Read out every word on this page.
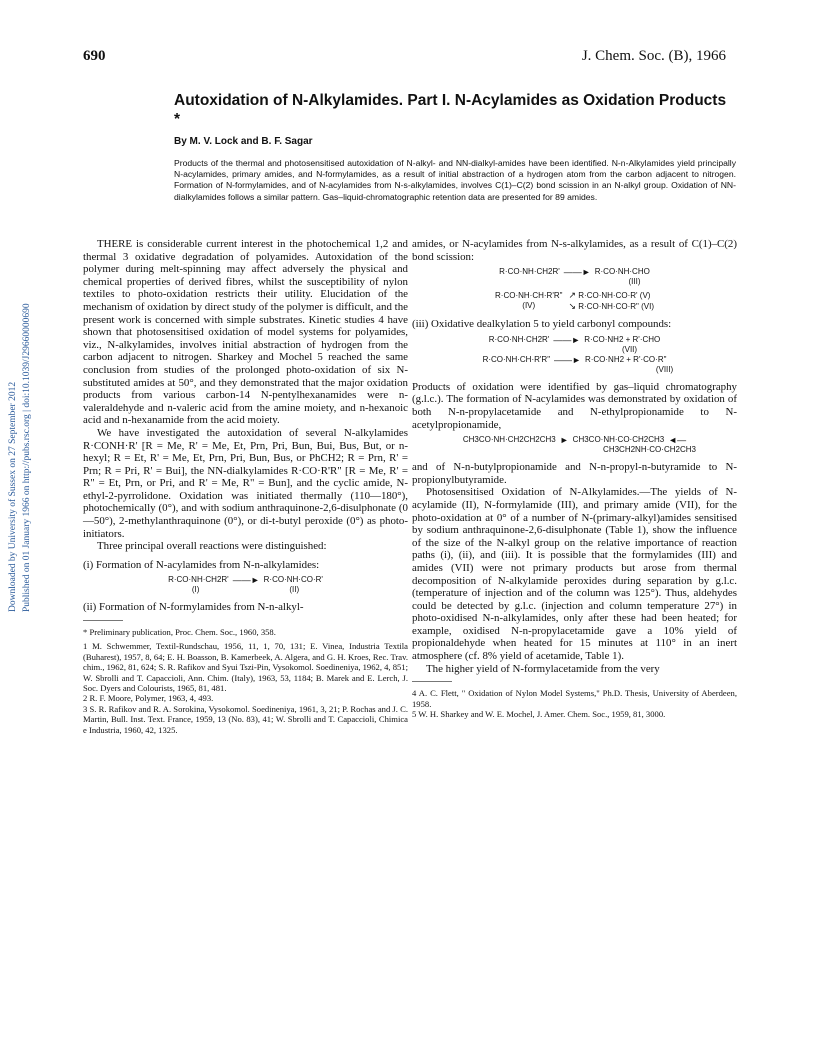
690	J. Chem. Soc. (B), 1966
Downloaded by University of Sussex on 27 September 2012 Published on 01 January 1966 on http://pubs.rsc.org | doi:10.1039/J29660000690
Autoxidation of N-Alkylamides. Part I. N-Acylamides as Oxidation Products *
By M. V. Lock and B. F. Sagar
Products of the thermal and photosensitised autoxidation of N-alkyl- and NN-dialkyl-amides have been identified. N-n-Alkylamides yield principally N-acylamides, primary amides, and N-formylamides, as a result of initial abstraction of a hydrogen atom from the carbon adjacent to nitrogen. Formation of N-formylamides, and of N-acylamides from N-s-alkylamides, involves C(1)–C(2) bond scission in an N-alkyl group. Oxidation of NN-dialkylamides follows a similar pattern. Gas–liquid-chromatographic retention data are presented for 89 amides.

THERE is considerable current interest in the photochemical 1,2 and thermal 3 oxidative degradation of polyamides. Autoxidation of the polymer during melt-spinning may affect adversely the physical and chemical properties of derived fibres, whilst the susceptibility of nylon textiles to photo-oxidation restricts their utility. Elucidation of the mechanism of oxidation by direct study of the polymer is difficult, and the present work is concerned with simple substrates. Kinetic studies 4 have shown that photosensitised oxidation of model systems for polyamides, viz., N-alkylamides, involves initial abstraction of hydrogen from the carbon adjacent to nitrogen. Sharkey and Mochel 5 reached the same conclusion from studies of the prolonged photo-oxidation of six N-substituted amides at 50°, and they demonstrated that the major oxidation products from various carbon-14 N-pentylhexanamides were n-valeraldehyde and n-valeric acid from the amine moiety, and n-hexanoic acid and n-hexanamide from the acid moiety.

We have investigated the autoxidation of several N-alkylamides R·CONH·R' [R = Me, R' = Me, Et, Prn, Pri, Bun, Bui, Bus, But, or n-hexyl; R = Et, R' = Me, Et, Prn, Pri, Bun, Bus, or PhCH2; R = Prn, R' = Prn; R = Pri, R' = Bui], the NN-dialkylamides R·CO·R'R" [R = Me, R' = R" = Et, Prn, or Pri, and R' = Me, R" = Bun], and the cyclic amide, N-ethyl-2-pyrrolidone. Oxidation was initiated thermally (110—180°), photochemically (0°), and with sodium anthraquinone-2,6-disulphonate (0—50°), 2-methylanthraquinone (0°), or di-t-butyl peroxide (0°) as photo-initiators.

Three principal overall reactions were distinguished:

(i) Formation of N-acylamides from N-n-alkylamides:

R·CO·NH·CH2R' ——► R·CO·NH·CO·R'
(I)	(II)

(ii) Formation of N-formylamides from N-n-alkyl-

* Preliminary publication, Proc. Chem. Soc., 1960, 358.

1 M. Schwemmer, Textil-Rundschau, 1956, 11, 1, 70, 131; E. Vinea, Industria Textila (Buharest), 1957, 8, 64; E. H. Boasson, B. Kamerbeek, A. Algera, and G. H. Kroes, Rec. Trav. chim., 1962, 81, 624; S. R. Rafikov and Syui Tszi-Pin, Vysokomol. Soedineniya, 1962, 4, 851; W. Sbrolli and T. Capaccioli, Ann. Chim. (Italy), 1963, 53, 1184; B. Marek and E. Lerch, J. Soc. Dyers and Colourists, 1965, 81, 481.

2 R. F. Moore, Polymer, 1963, 4, 493.

3 S. R. Rafikov and R. A. Sorokina, Vysokomol. Soedineniya, 1961, 3, 21; P. Rochas and J. C. Martin, Bull. Inst. Text. France, 1959, 13 (No. 83), 41; W. Sbrolli and T. Capaccioli, Chimica e Industria, 1960, 42, 1325.

amides, or N-acylamides from N-s-alkylamides, as a result of C(1)–C(2) bond scission:

R·CO·NH·CH2R' ——► R·CO·NH·CHO
(III)
R·CO·NH·CH·R'R"
(IV)
↗ R·CO·NH·CO·R' (V)
↘ R·CO·NH·CO·R" (VI)

(iii) Oxidative dealkylation 5 to yield carbonyl compounds:

R·CO·NH·CH2R' ——► R·CO·NH2 + R'·CHO
(VII)
R·CO·NH·CH·R'R" ——► R·CO·NH2 + R'·CO·R"
(VIII)

Products of oxidation were identified by gas–liquid chromatography (g.l.c.). The formation of N-acylamides was demonstrated by oxidation of both N-n-propylacetamide and N-ethylpropionamide to N-acetylpropionamide,

CH3CO·NH·CH2CH2CH3 ► CH3CO·NH·CO·CH2CH3 ◄—
CH3CH2NH·CO·CH2CH3

and of N-n-butylpropionamide and N-n-propyl-n-butyramide to N-propionylbutyramide.

Photosensitised Oxidation of N-Alkylamides.—The yields of N-acylamide (II), N-formylamide (III), and primary amide (VII), for the photo-oxidation at 0° of a number of N-(primary-alkyl)amides sensitised by sodium anthraquinone-2,6-disulphonate (Table 1), show the influence of the size of the N-alkyl group on the relative importance of reaction paths (i), (ii), and (iii). It is possible that the formylamides (III) and amides (VII) were not primary products but arose from thermal decomposition of N-alkylamide peroxides during separation by g.l.c. (temperature of injection and of the column was 125°). Thus, aldehydes could be detected by g.l.c. (injection and column temperature 27°) in photo-oxidised N-n-alkylamides, only after these had been heated; for example, oxidised N-n-propylacetamide gave a 10% yield of propionaldehyde when heated for 15 minutes at 110° in an inert atmosphere (cf. 8% yield of acetamide, Table 1).

The higher yield of N-formylacetamide from the very

4 A. C. Flett, " Oxidation of Nylon Model Systems," Ph.D. Thesis, University of Aberdeen, 1958.

5 W. H. Sharkey and W. E. Mochel, J. Amer. Chem. Soc., 1959, 81, 3000.
